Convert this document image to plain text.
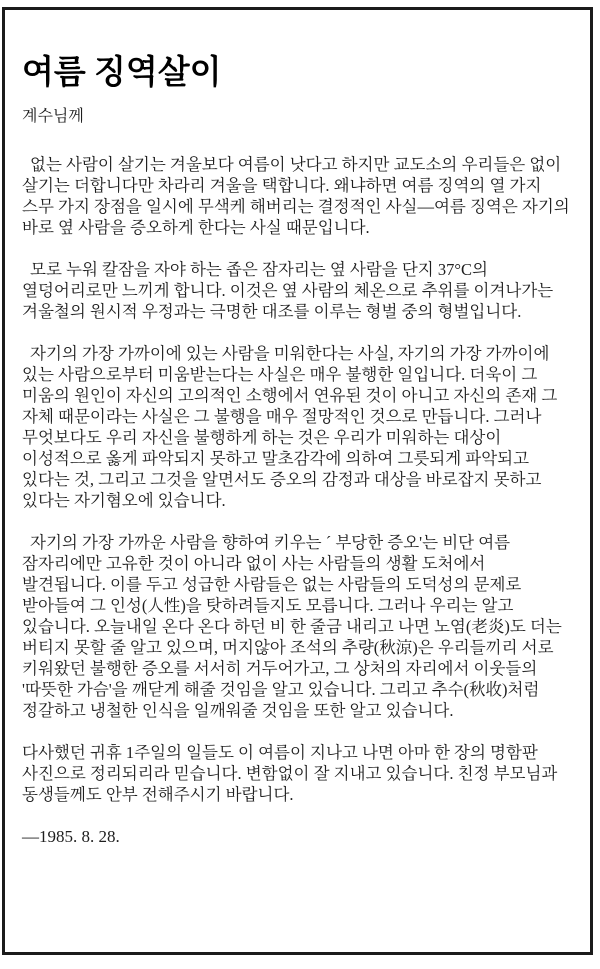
여름 징역살이
계수님께

없는 사람이 살기는 겨울보다 여름이 낫다고 하지만 교도소의 우리들은 없이 살기는 더합니다만 차라리 겨울을 택합니다. 왜냐하면 여름 징역의 열 가지 스무 가지 장점을 일시에 무색케 해버리는 결정적인 사실—여름 징역은 자기의 바로 옆 사람을 증오하게 한다는 사실 때문입니다.

모로 누워 칼잠을 자야 하는 좁은 잠자리는 옆 사람을 단지 37°C의 열덩어리로만 느끼게 합니다. 이것은 옆 사람의 체온으로 추위를 이겨나가는 겨울철의 원시적 우정과는 극명한 대조를 이루는 형벌 중의 형벌입니다.

자기의 가장 가까이에 있는 사람을 미워한다는 사실, 자기의 가장 가까이에 있는 사람으로부터 미움받는다는 사실은 매우 불행한 일입니다. 더욱이 그 미움의 원인이 자신의 고의적인 소행에서 연유된 것이 아니고 자신의 존재 그 자체 때문이라는 사실은 그 불행을 매우 절망적인 것으로 만듭니다. 그러나 무엇보다도 우리 자신을 불행하게 하는 것은 우리가 미워하는 대상이 이성적으로 옳게 파악되지 못하고 말초감각에 의하여 그릇되게 파악되고 있다는 것, 그리고 그것을 알면서도 증오의 감정과 대상을 바로잡지 못하고 있다는 자기혐오에 있습니다.

자기의 가장 가까운 사람을 향하여 키우는 ´ 부당한 증오'는 비단 여름 잠자리에만 고유한 것이 아니라 없이 사는 사람들의 생활 도처에서 발견됩니다. 이를 두고 성급한 사람들은 없는 사람들의 도덕성의 문제로 받아들여 그 인성(人性)을 탓하려들지도 모릅니다. 그러나 우리는 알고 있습니다. 오늘내일 온다 온다 하던 비 한 줄금 내리고 나면 노염(老炎)도 더는 버티지 못할 줄 알고 있으며, 머지않아 조석의 추량(秋涼)은 우리들끼리 서로 키워왔던 불행한 증오를 서서히 거두어가고, 그 상처의 자리에서 이웃들의 '따뜻한 가슴'을 깨닫게 해줄 것임을 알고 있습니다. 그리고 추수(秋收)처럼 정갈하고 냉철한 인식을 일깨워줄 것임을 또한 알고 있습니다.

다사했던 귀휴 1주일의 일들도 이 여름이 지나고 나면 아마 한 장의 명함판 사진으로 정리되리라 믿습니다. 변함없이 잘 지내고 있습니다. 친정 부모님과 동생들께도 안부 전해주시기 바랍니다.

—1985. 8. 28.
